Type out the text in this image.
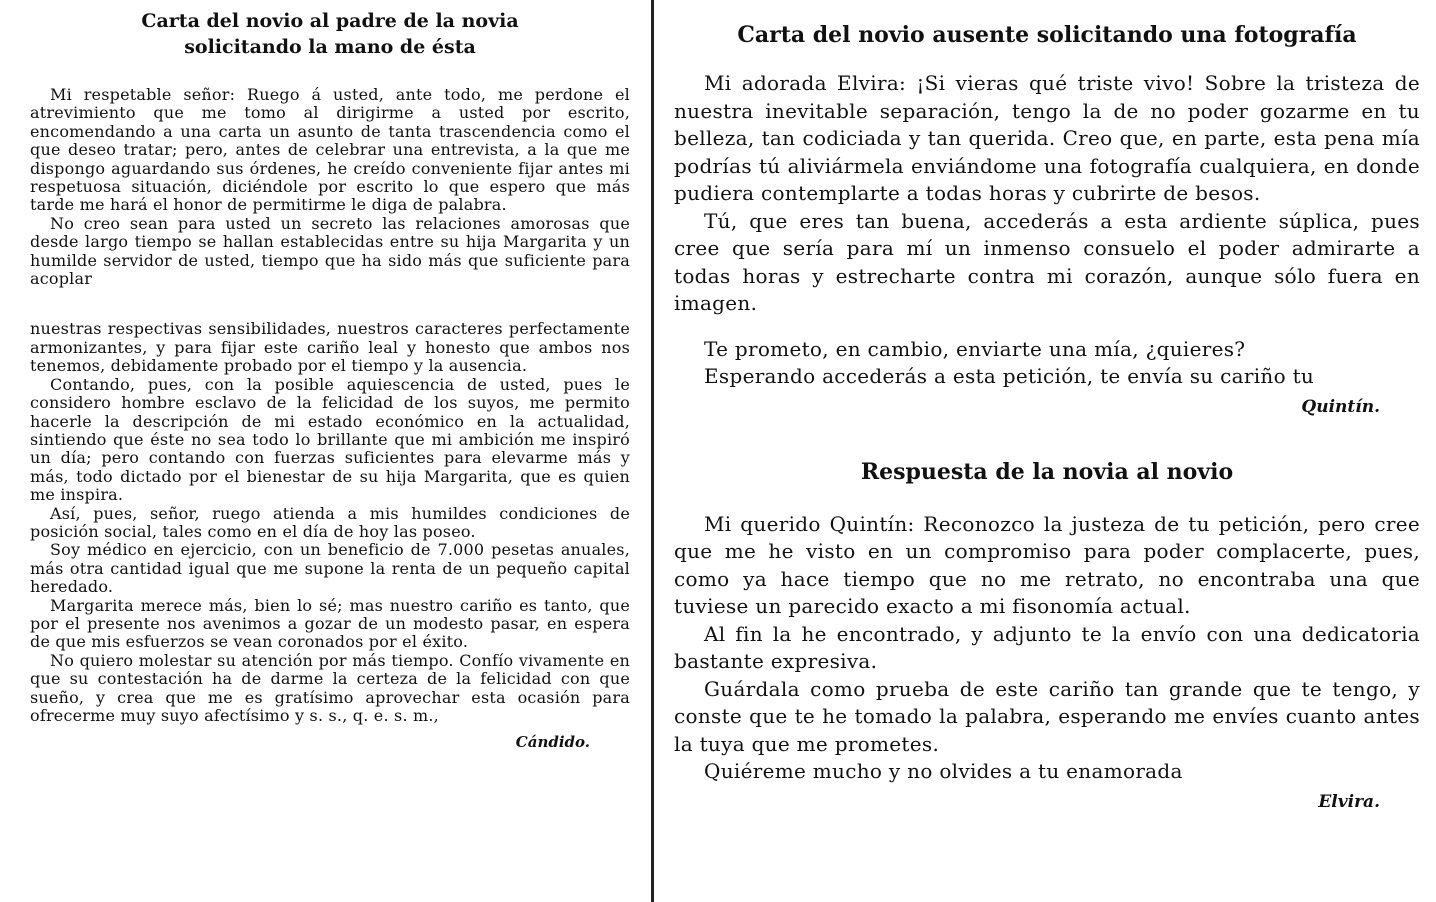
Carta del novio al padre de la novia
solicitando la mano de ésta

Mi respetable señor: Ruego á usted, ante todo, me perdone el atrevimiento que me tomo al dirigirme a usted por escrito, encomendando a una carta un asunto de tanta trascendencia como el que deseo tratar; pero, antes de celebrar una entrevista, a la que me dispongo aguardando sus órdenes, he creído conveniente fijar antes mi respetuosa situación, diciéndole por escrito lo que espero que más tarde me hará el honor de permitirme le diga de palabra.

No creo sean para usted un secreto las relaciones amorosas que desde largo tiempo se hallan establecidas entre su hija Margarita y un humilde servidor de usted, tiempo que ha sido más que suficiente para acoplar

nuestras respectivas sensibilidades, nuestros caracteres perfectamente armonizantes, y para fijar este cariño leal y honesto que ambos nos tenemos, debidamente probado por el tiempo y la ausencia.

Contando, pues, con la posible aquiescencia de usted, pues le considero hombre esclavo de la felicidad de los suyos, me permito hacerle la descripción de mi estado económico en la actualidad, sintiendo que éste no sea todo lo brillante que mi ambición me inspiró un día; pero contando con fuerzas suficientes para elevarme más y más, todo dictado por el bienestar de su hija Margarita, que es quien me inspira.

Así, pues, señor, ruego atienda a mis humildes condiciones de posición social, tales como en el día de hoy las poseo.

Soy médico en ejercicio, con un beneficio de 7.000 pesetas anuales, más otra cantidad igual que me supone la renta de un pequeño capital heredado.

Margarita merece más, bien lo sé; mas nuestro cariño es tanto, que por el presente nos avenimos a gozar de un modesto pasar, en espera de que mis esfuerzos se vean coronados por el éxito.

No quiero molestar su atención por más tiempo. Confío vivamente en que su contestación ha de darme la certeza de la felicidad con que sueño, y crea que me es gratísimo aprovechar esta ocasión para ofrecerme muy suyo afectísimo y s. s., q. e. s. m.,

Cándido.
Carta del novio ausente solicitando una fotografía

Mi adorada Elvira: ¡Si vieras qué triste vivo! Sobre la tristeza de nuestra inevitable separación, tengo la de no poder gozarme en tu belleza, tan codiciada y tan querida. Creo que, en parte, esta pena mía podrías tú aliviármela enviándome una fotografía cualquiera, en donde pudiera contemplarte a todas horas y cubrirte de besos.

Tú, que eres tan buena, accederás a esta ardiente súplica, pues cree que sería para mí un inmenso consuelo el poder admirarte a todas horas y estrecharte contra mi corazón, aunque sólo fuera en imagen.

Te prometo, en cambio, enviarte una mía, ¿quieres?

Esperando accederás a esta petición, te envía su cariño tu

Quintín.
Respuesta de la novia al novio

Mi querido Quintín: Reconozco la justeza de tu petición, pero cree que me he visto en un compromiso para poder complacerte, pues, como ya hace tiempo que no me retrato, no encontraba una que tuviese un parecido exacto a mi fisonomía actual.

Al fin la he encontrado, y adjunto te la envío con una dedicatoria bastante expresiva.

Guárdala como prueba de este cariño tan grande que te tengo, y conste que te he tomado la palabra, esperando me envíes cuanto antes la tuya que me prometes.

Quiéreme mucho y no olvides a tu enamorada

Elvira.
